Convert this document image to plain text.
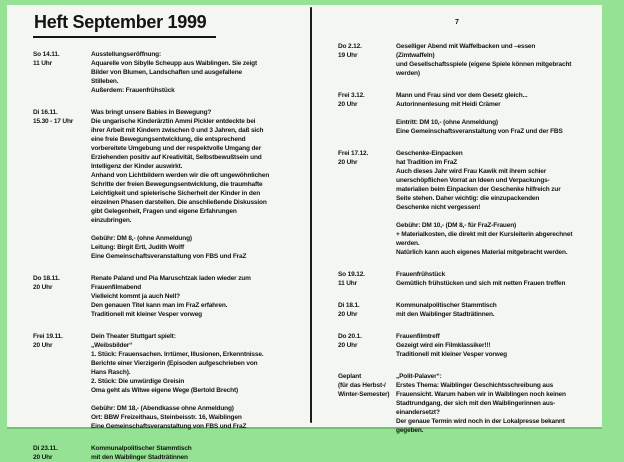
Heft September 1999
So 14.11.
11 Uhr
Ausstellungseröffnung:
Aquarelle von Sibylle Scheupp aus Waiblingen. Sie zeigt
Bilder von Blumen, Landschaften und ausgefallene
Stilleben.
Außerdem: Frauenfrühstück
Di 16.11.
15.30 - 17 Uhr
Was bringt unsere Babies in Bewegung?
Die ungarische Kinderärztin Ammi Pickler entdeckte bei
ihrer Arbeit mit Kindern zwischen 0 und 3 Jahren, daß sich
eine freie Bewegungsentwicklung, die entsprechend
vorbereitete Umgebung und der respektvolle Umgang der
Erziehenden positiv auf Kreativität, Selbstbewußtsein und
Intelligenz der Kinder auswirkt.
Anhand von Lichtbildern werden wir die oft ungewöhnlichen
Schritte der freien Bewegungsentwicklung, die traumhafte
Leichtigkeit und spielerische Sicherheit der Kinder in den
einzelnen Phasen darstellen. Die anschließende Diskussion
gibt Gelegenheit, Fragen und eigene Erfahrungen
einzubringen.
Gebühr: DM 8,- (ohne Anmeldung)
Leitung: Birgit Ertl, Judith Wolff
Eine Gemeinschaftsveranstaltung von FBS und FraZ
Do 18.11.
20 Uhr
Renate Paland und Pia Maruschtzak laden wieder zum
Frauenfilmabend
Vielleicht kommt ja auch Nell?
Den genauen Titel kann man im FraZ erfahren.
Traditionell mit kleiner Vesper vorweg
Frei 19.11.
20 Uhr
Dein Theater Stuttgart spielt:
„Weibsbilder“
1. Stück: Frauensachen. Irrtümer, Illusionen, Erkenntnisse.
Berichte einer Vierzigerin (Episoden aufgeschrieben von
Hans Rasch).
2. Stück: Die unwürdige Greisin
Oma geht als Witwe eigene Wege (Bertold Brecht)
Gebühr: DM 18,- (Abendkasse ohne Anmeldung)
Ort: BBW Freizeithaus, Steinbeisstr. 16, Waiblingen
Eine Gemeinschaftsveranstaltung von FBS und FraZ
Di 23.11.
20 Uhr
Kommunalpolitischer Stammtisch
mit den Waiblinger Stadträtinnen
7
Do 2.12.
19 Uhr
Geselliger Abend mit Waffelbacken und –essen
(Zimtwaffeln)
und Gesellschaftsspiele (eigene Spiele können mitgebracht
werden)
Frei 3.12.
20 Uhr
Mann und Frau sind vor dem Gesetz gleich...
Autorinnenlesung mit Heidi Crämer
Eintritt: DM 10,- (ohne Anmeldung)
Eine Gemeinschaftsveranstaltung von FraZ und der FBS
Frei 17.12.
20 Uhr
Geschenke-Einpacken
hat Tradition im FraZ
Auch dieses Jahr wird Frau Kawik mit ihrem schier
unerschöpflichen Vorrat an Ideen und Verpackungs-
materialien beim Einpacken der Geschenke hilfreich zur
Seite stehen. Daher wichtig: die einzupackenden
Geschenke nicht vergessen!
Gebühr: DM 10,- (DM 8,- für FraZ-Frauen)
+ Materialkosten, die direkt mit der Kursleiterin abgerechnet
werden.
Natürlich kann auch eigenes Material mitgebracht werden.
So 19.12.
11 Uhr
Frauenfrühstück
Gemütlich frühstücken und sich mit netten Frauen treffen
Di 18.1.
20 Uhr
Kommunalpolitischer Stammtisch
mit den Waiblinger Stadträtinnen.
Do 20.1.
20 Uhr
Frauenfilmtreff
Gezeigt wird ein Filmklassiker!!!
Traditionell mit kleiner Vesper vorweg
Geplant
(für das Herbst-/
Winter-Semester)
„Polit-Palaver“:
Erstes Thema: Waiblinger Geschichtsschreibung aus
Frauensicht. Warum haben wir in Waiblingen noch keinen
Stadtrundgang, der sich mit den Waiblingerinnen aus-
einandersetzt?
Der genaue Termin wird noch in der Lokalpresse bekannt
gegeben.
